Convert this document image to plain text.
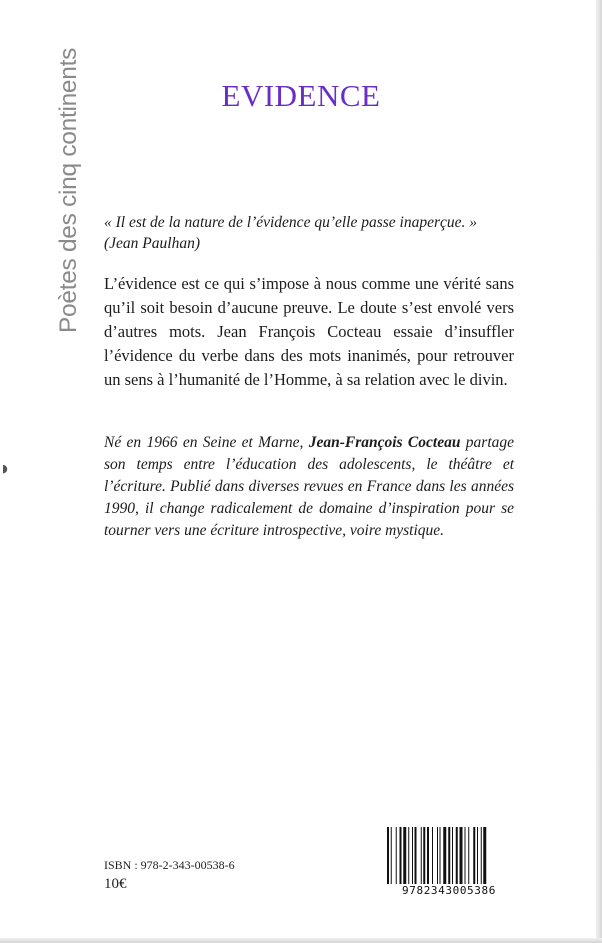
Poètes des cinq continents
◗
EVIDENCE
« Il est de la nature de l’évidence qu’elle passe inaperçue. »
(Jean Paulhan)
L’évidence est ce qui s’impose à nous comme une vérité sans qu’il soit besoin d’aucune preuve. Le doute s’est envolé vers d’autres mots. Jean François Cocteau essaie d’insuffler l’évidence du verbe dans des mots inanimés, pour retrouver un sens à l’humanité de l’Homme, à sa relation avec le divin.
Né en 1966 en Seine et Marne, Jean-François Cocteau partage son temps entre l’éducation des adolescents, le théâtre et l’écriture. Publié dans diverses revues en France dans les années 1990, il change radicalement de domaine d’inspiration pour se tourner vers une écriture introspective, voire mystique.
ISBN : 978-2-343-00538-6
10€	9782343005386
